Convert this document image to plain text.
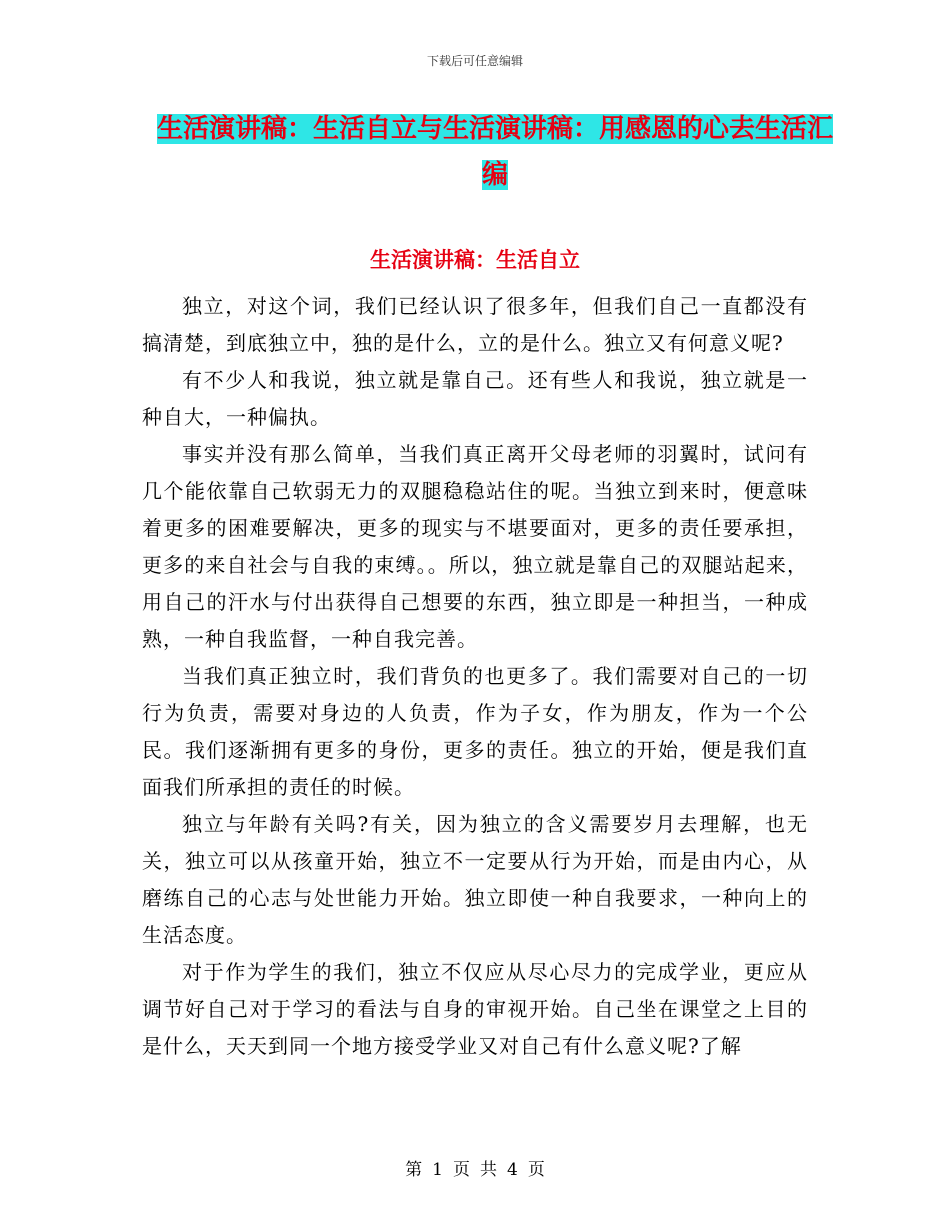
下载后可任意编辑
生活演讲稿：生活自立与生活演讲稿：用感恩的心去生活汇编
生活演讲稿：生活自立

独立，对这个词，我们已经认识了很多年，但我们自己一直都没有搞清楚，到底独立中，独的是什么，立的是什么。独立又有何意义呢?

有不少人和我说，独立就是靠自己。还有些人和我说，独立就是一种自大，一种偏执。

事实并没有那么简单，当我们真正离开父母老师的羽翼时，试问有几个能依靠自己软弱无力的双腿稳稳站住的呢。当独立到来时，便意味着更多的困难要解决，更多的现实与不堪要面对，更多的责任要承担，更多的来自社会与自我的束缚。。所以，独立就是靠自己的双腿站起来，用自己的汗水与付出获得自己想要的东西，独立即是一种担当，一种成熟，一种自我监督，一种自我完善。

当我们真正独立时，我们背负的也更多了。我们需要对自己的一切行为负责，需要对身边的人负责，作为子女，作为朋友，作为一个公民。我们逐渐拥有更多的身份，更多的责任。独立的开始，便是我们直面我们所承担的责任的时候。

独立与年龄有关吗?有关，因为独立的含义需要岁月去理解，也无关，独立可以从孩童开始，独立不一定要从行为开始，而是由内心，从磨练自己的心志与处世能力开始。独立即使一种自我要求，一种向上的生活态度。

对于作为学生的我们，独立不仅应从尽心尽力的完成学业，更应从调节好自己对于学习的看法与自身的审视开始。自己坐在课堂之上目的是什么，天天到同一个地方接受学业又对自己有什么意义呢?了解

第 1 页 共 4 页
